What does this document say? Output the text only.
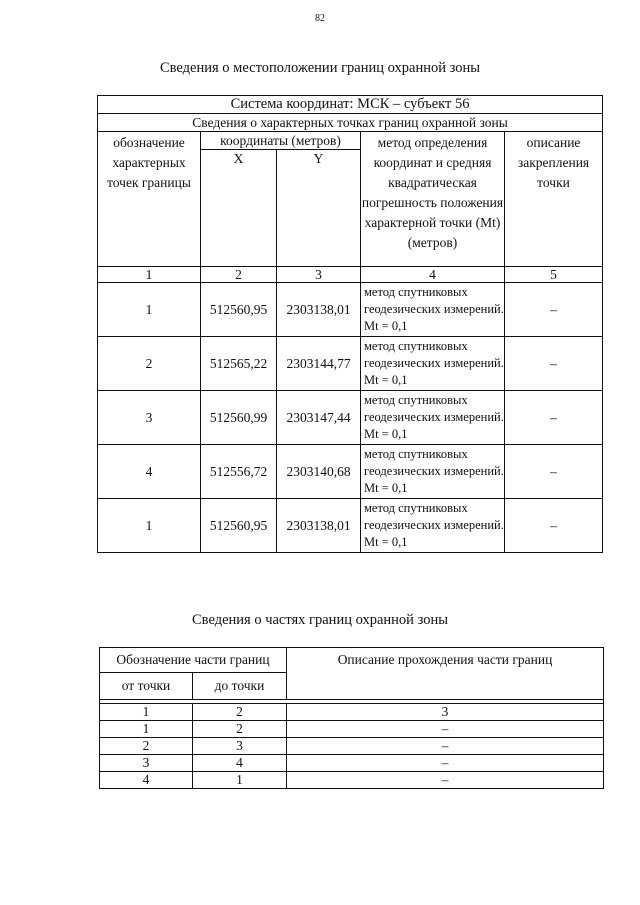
82
Сведения о местоположении границ охранной зоны
Система координат: МСК – субъект 56				
Сведения о характерных точках границ охранной зоны				
обозначение характерных точек границы	координаты (метров)		метод определения координат и средняя квадратическая погрешность положения характерной точки (Mt) (метров)	описание закрепления точки
	X	Y		
1	2	3	4	5
1	512560,95	2303138,01	метод спутниковых геодезических измерений. Mt = 0,1	–
2	512565,22	2303144,77	метод спутниковых геодезических измерений. Mt = 0,1	–
3	512560,99	2303147,44	метод спутниковых геодезических измерений. Mt = 0,1	–
4	512556,72	2303140,68	метод спутниковых геодезических измерений. Mt = 0,1	–
1	512560,95	2303138,01	метод спутниковых геодезических измерений. Mt = 0,1	–
Сведения о частях границ охранной зоны
Обозначение части границ		Описание прохождения части границ
от точки	до точки	

1	2	3
1	2	–
2	3	–
3	4	–
4	1	–
